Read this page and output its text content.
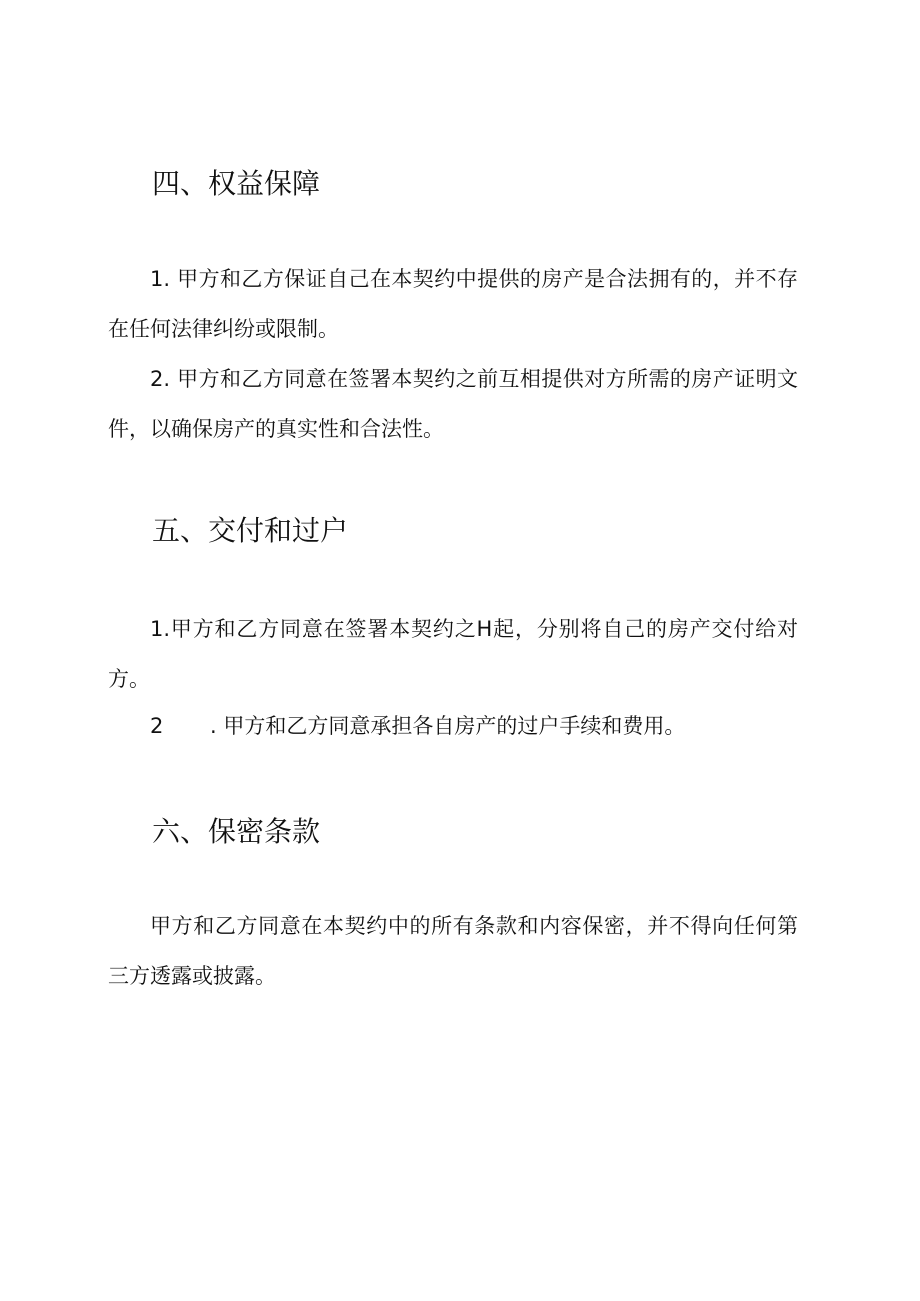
四、权益保障

1. 甲方和乙方保证自己在本契约中提供的房产是合法拥有的，并不存在任何法律纠纷或限制。

2. 甲方和乙方同意在签署本契约之前互相提供对方所需的房产证明文件，以确保房产的真实性和合法性。

五、交付和过户

1.甲方和乙方同意在签署本契约之H起，分别将自己的房产交付给对方。

2 . 甲方和乙方同意承担各自房产的过户手续和费用。

六、保密条款

甲方和乙方同意在本契约中的所有条款和内容保密，并不得向任何第三方透露或披露。
